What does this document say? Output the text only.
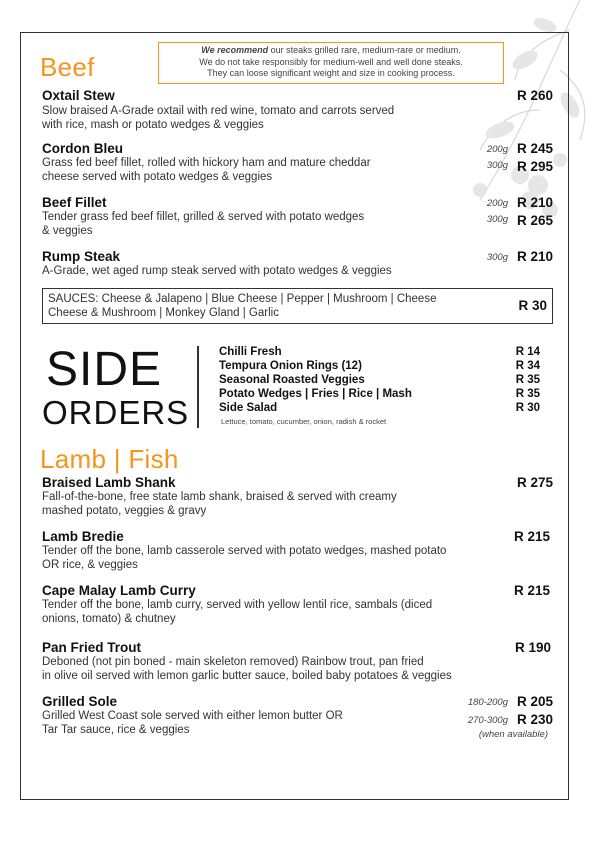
We recommend our steaks grilled rare, medium-rare or medium.
We do not take responsibly for medium-well and well done steaks.
They can loose significant weight and size in cooking process.
Beef
Oxtail Stew	R 260
Slow braised A-Grade oxtail with red wine, tomato and carrots served
with rice, mash or potato wedges & veggies
Cordon Bleu	200g R 245
300g R 295
Grass fed beef fillet, rolled with hickory ham and mature cheddar
cheese served with potato wedges & veggies
Beef Fillet	200g R 210
300g R 265
Tender grass fed beef fillet, grilled & served with potato wedges
& veggies
Rump Steak	300g R 210
A-Grade, wet aged rump steak served with potato wedges & veggies
SAUCES: Cheese & Jalapeno | Blue Cheese | Pepper | Mushroom | Cheese
Cheese & Mushroom | Monkey Gland | Garlic	R 30
SIDE
ORDERS
Chilli Fresh	R 14
Tempura Onion Rings (12)	R 34
Seasonal Roasted Veggies	R 35
Potato Wedges | Fries | Rice | Mash	R 35
Side Salad	R 30
Lettuce, tomato, cucumber, onion, radish & rocket
Lamb | Fish
Braised Lamb Shank	R 275
Fall-of-the-bone, free state lamb shank, braised & served with creamy
mashed potato, veggies & gravy
Lamb Bredie	R 215
Tender off the bone, lamb casserole served with potato wedges, mashed potato
OR rice, & veggies
Cape Malay Lamb Curry	R 215
Tender off the bone, lamb curry, served with yellow lentil rice, sambals (diced
onions, tomato) & chutney
Pan Fried Trout	R 190
Deboned (not pin boned - main skeleton removed) Rainbow trout, pan fried
in olive oil served with lemon garlic butter sauce, boiled baby potatoes & veggies
Grilled Sole	180-200g R 205
270-300g R 230
(when available)
Grilled West Coast sole served with either lemon butter OR
Tar Tar sauce, rice & veggies
